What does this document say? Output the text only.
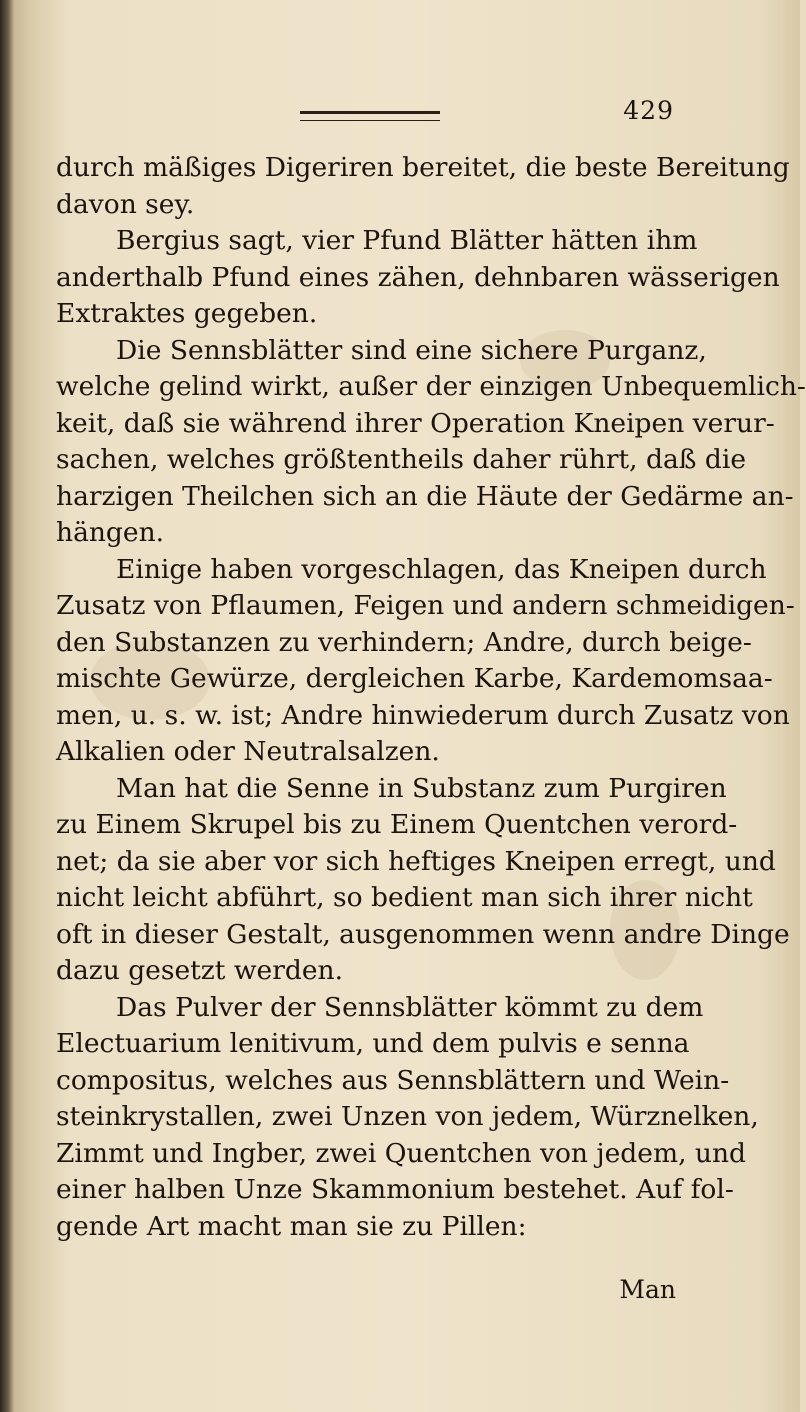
429
durch mäßiges Digeriren bereitet, die beste Bereitung
davon sey.
Bergius sagt, vier Pfund Blätter hätten ihm
anderthalb Pfund eines zähen, dehnbaren wässerigen
Extraktes gegeben.
Die Sennsblätter sind eine sichere Purganz,
welche gelind wirkt, außer der einzigen Unbequemlich-
keit, daß sie während ihrer Operation Kneipen verur-
sachen, welches größtentheils daher rührt, daß die
harzigen Theilchen sich an die Häute der Gedärme an-
hängen.
Einige haben vorgeschlagen, das Kneipen durch
Zusatz von Pflaumen, Feigen und andern schmeidigen-
den Substanzen zu verhindern; Andre, durch beige-
mischte Gewürze, dergleichen Karbe, Kardemomsaa-
men, u. s. w. ist; Andre hinwiederum durch Zusatz von
Alkalien oder Neutralsalzen.
Man hat die Senne in Substanz zum Purgiren
zu Einem Skrupel bis zu Einem Quentchen verord-
net; da sie aber vor sich heftiges Kneipen erregt, und
nicht leicht abführt, so bedient man sich ihrer nicht
oft in dieser Gestalt, ausgenommen wenn andre Dinge
dazu gesetzt werden.
Das Pulver der Sennsblätter kömmt zu dem
Electuarium lenitivum, und dem pulvis e senna
compositus, welches aus Sennsblättern und Wein-
steinkrystallen, zwei Unzen von jedem, Würznelken,
Zimmt und Ingber, zwei Quentchen von jedem, und
einer halben Unze Skammonium bestehet. Auf fol-
gende Art macht man sie zu Pillen:
Man
